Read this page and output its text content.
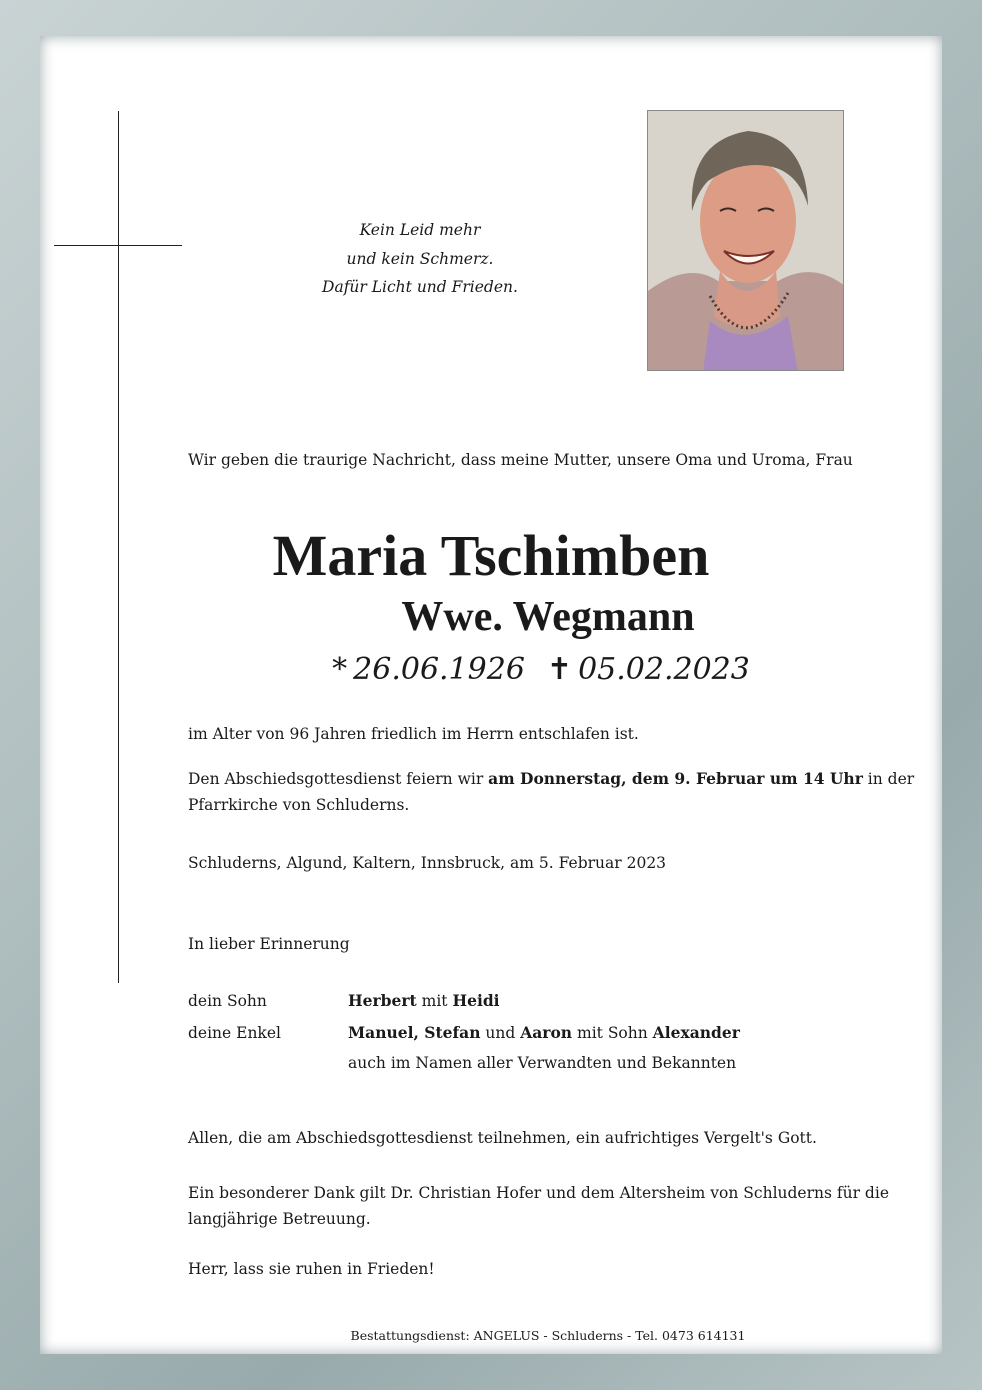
Kein Leid mehr
und kein Schmerz.
Dafür Licht und Frieden.
Wir geben die traurige Nachricht, dass meine Mutter, unsere Oma und Uroma, Frau
Maria Tschimben
Wwe. Wegmann
* 26.06.1926 ✝ 05.02.2023
im Alter von 96 Jahren friedlich im Herrn entschlafen ist.
Den Abschiedsgottesdienst feiern wir am Donnerstag, dem 9. Februar um 14 Uhr in der Pfarrkirche von Schluderns.
Schluderns, Algund, Kaltern, Innsbruck, am 5. Februar 2023
In lieber Erinnerung
dein Sohn	Herbert mit Heidi
deine Enkel	Manuel, Stefan und Aaron mit Sohn Alexander
auch im Namen aller Verwandten und Bekannten
Allen, die am Abschiedsgottesdienst teilnehmen, ein aufrichtiges Vergelt's Gott.
Ein besonderer Dank gilt Dr. Christian Hofer und dem Altersheim von Schluderns für die langjährige Betreuung.
Herr, lass sie ruhen in Frieden!
Bestattungsdienst: ANGELUS - Schluderns - Tel. 0473 614131
